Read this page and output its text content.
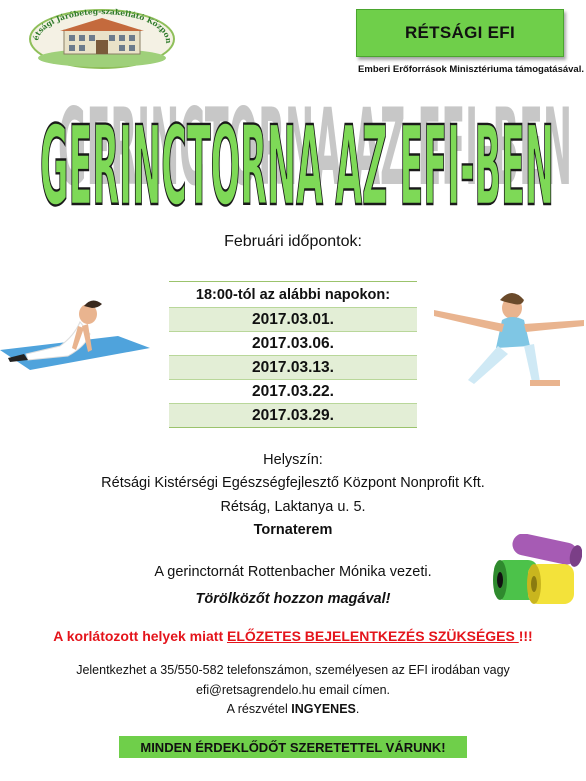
étsági Járóbeteg-szakellátó Közpon	RÉTSÁGI EFI
Emberi Erőforrások Minisztériuma támogatásával.
GERINCTORNA AZ EFI-BEN
GERINCTORNA AZ EFI-BEN
Februári időpontok:
18:00-tól az alábbi napokon:
2017.03.01.
2017.03.06.
2017.03.13.
2017.03.22.
2017.03.29.
Helyszín:
Rétsági Kistérségi Egészségfejlesztő Központ Nonprofit Kft.
Rétság, Laktanya u. 5.
Tornaterem
A gerinctornát Rottenbacher Mónika vezeti.
Törölközőt hozzon magával!
A korlátozott helyek miatt ELŐZETES BEJELENTKEZÉS SZÜKSÉGES !!!
Jelentkezhet a 35/550-582 telefonszámon, személyesen az EFI irodában vagy
efi@retsagrendelo.hu email címen.
A részvétel INGYENES.
MINDEN ÉRDEKLŐDŐT SZERETETTEL VÁRUNK!
